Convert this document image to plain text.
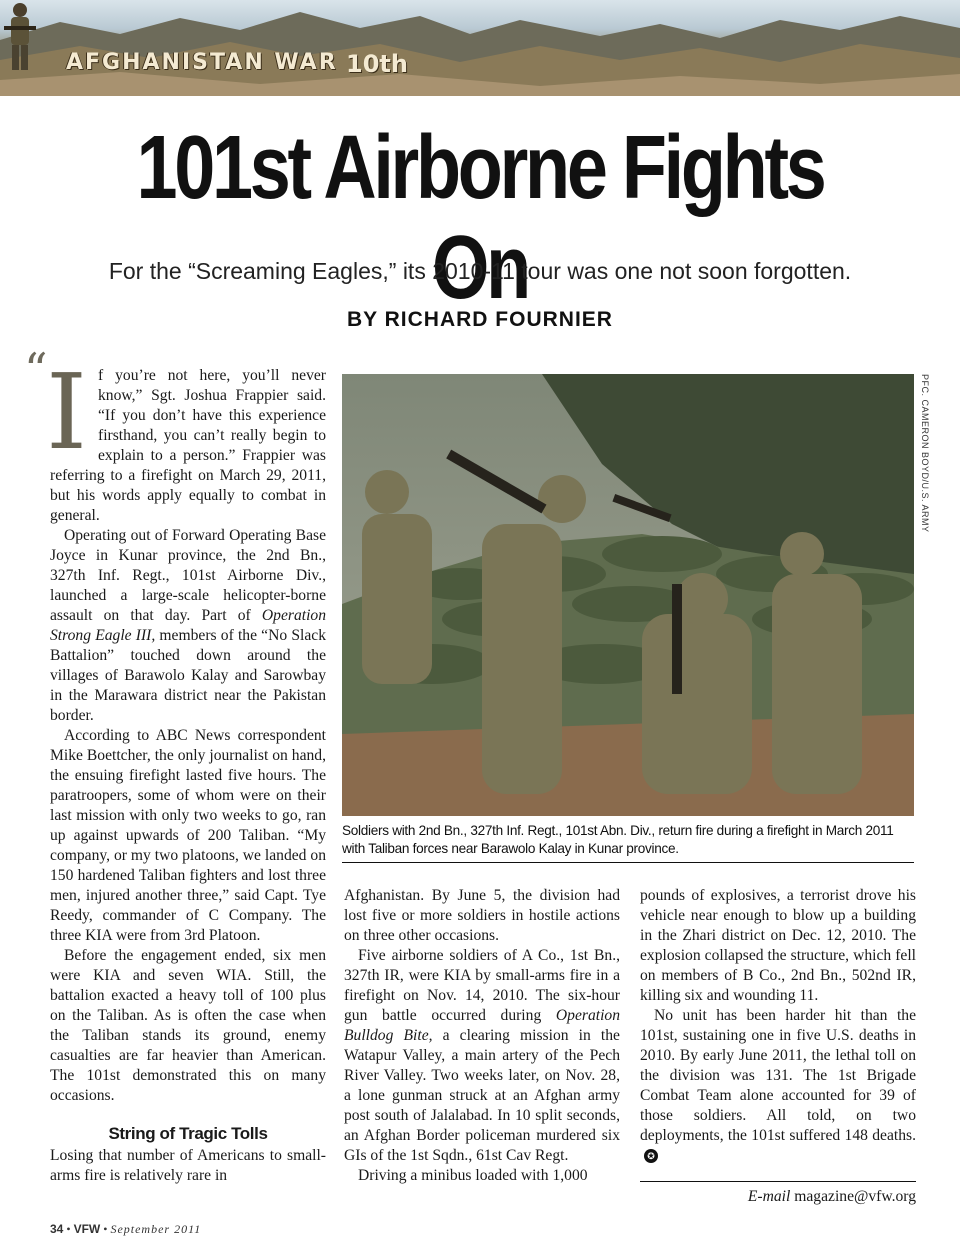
AFGHANISTAN WAR 10th
101st Airborne Fights On
For the “Screaming Eagles,” its 2010-11 tour was one not soon forgotten.
BY RICHARD FOURNIER

“
I f you’re not here, you’ll never know,” Sgt. Joshua Frappier said. “If you don’t have this experience firsthand, you can’t really begin to explain to a person.” Frappier was referring to a firefight on March 29, 2011, but his words apply equally to combat in general.

Operating out of Forward Operating Base Joyce in Kunar province, the 2nd Bn., 327th Inf. Regt., 101st Airborne Div., launched a large-scale helicopter-borne assault on that day. Part of Operation Strong Eagle III, members of the “No Slack Battalion” touched down around the villages of Barawolo Kalay and Sarowbay in the Marawara district near the Pakistan border.

According to ABC News correspondent Mike Boettcher, the only journalist on hand, the ensuing firefight lasted five hours. The paratroopers, some of whom were on their last mission with only two weeks to go, ran up against upwards of 200 Taliban. “My company, or my two platoons, we landed on 150 hardened Taliban fighters and lost three men, injured another three,” said Capt. Tye Reedy, commander of C Company. The three KIA were from 3rd Platoon.

Before the engagement ended, six men were KIA and seven WIA. Still, the battalion exacted a heavy toll of 100 plus on the Taliban. As is often the case when the Taliban stands its ground, enemy casualties are far heavier than American. The 101st demonstrated this on many occasions.

String of Tragic Tolls

Losing that number of Americans to small-arms fire is relatively rare in

PFC. CAMERON BOYD/U.S. ARMY
Soldiers with 2nd Bn., 327th Inf. Regt., 101st Abn. Div., return fire during a firefight in March 2011 with Taliban forces near Barawolo Kalay in Kunar province.

Afghanistan. By June 5, the division had lost five or more soldiers in hostile actions on three other occasions.

Five airborne soldiers of A Co., 1st Bn., 327th IR, were KIA by small-arms fire in a firefight on Nov. 14, 2010. The six-hour gun battle occurred during Operation Bulldog Bite, a clearing mission in the Watapur Valley, a main artery of the Pech River Valley. Two weeks later, on Nov. 28, a lone gunman struck at an Afghan army post south of Jalalabad. In 10 split seconds, an Afghan Border policeman murdered six GIs of the 1st Sqdn., 61st Cav Regt.

Driving a minibus loaded with 1,000

pounds of explosives, a terrorist drove his vehicle near enough to blow up a building in the Zhari district on Dec. 12, 2010. The explosion collapsed the structure, which fell on members of B Co., 2nd Bn., 502nd IR, killing six and wounding 11.

No unit has been harder hit than the 101st, sustaining one in five U.S. deaths in 2010. By early June 2011, the lethal toll on the division was 131. The 1st Brigade Combat Team alone accounted for 39 of those soldiers. All told, on two deployments, the 101st suffered 148 deaths. ✪

E-mail magazine@vfw.org
34 • VFW • September 2011
